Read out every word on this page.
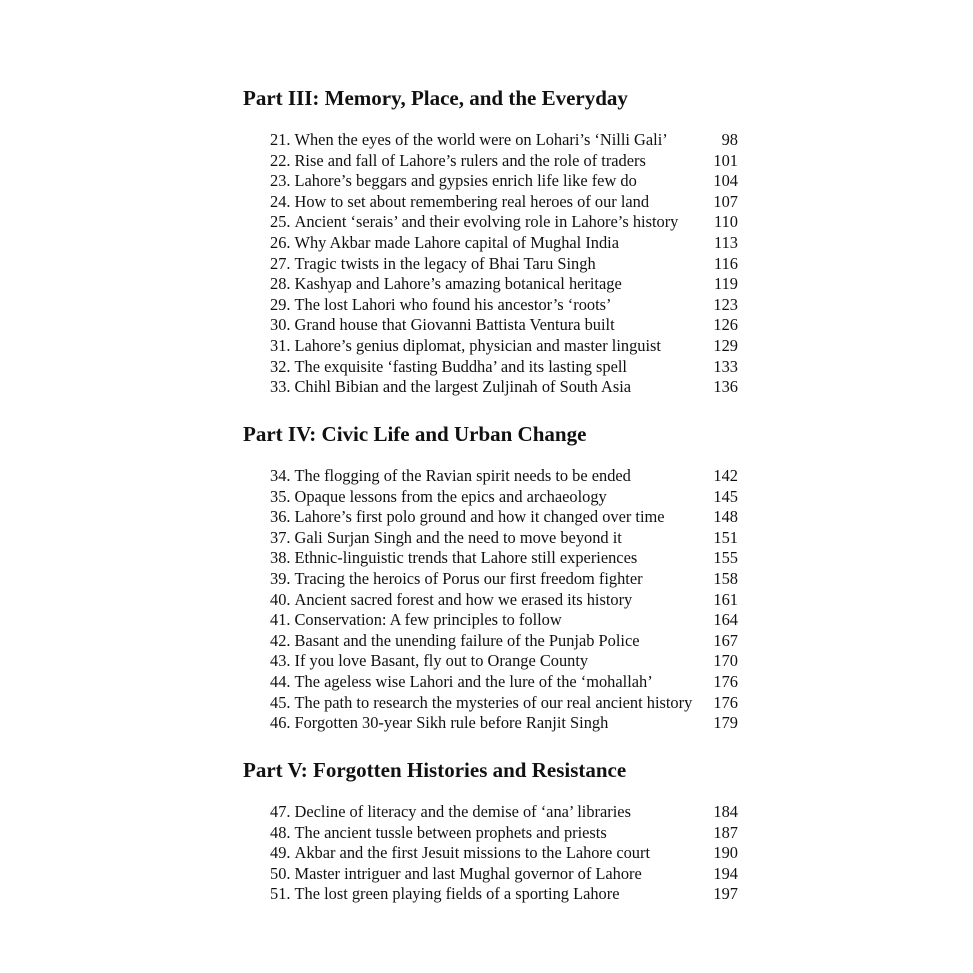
Part III: Memory, Place, and the Everyday
21. When the eyes of the world were on Lohari’s ‘Nilli Gali’	98
22. Rise and fall of Lahore’s rulers and the role of traders	101
23. Lahore’s beggars and gypsies enrich life like few do	104
24. How to set about remembering real heroes of our land	107
25. Ancient ‘serais’ and their evolving role in Lahore’s history 110
26. Why Akbar made Lahore capital of Mughal India	113
27. Tragic twists in the legacy of Bhai Taru Singh	116
28. Kashyap and Lahore’s amazing botanical heritage	119
29. The lost Lahori who found his ancestor’s ‘roots’	123
30. Grand house that Giovanni Battista Ventura built	126
31. Lahore’s genius diplomat, physician and master linguist	129
32. The exquisite ‘fasting Buddha’ and its lasting spell	133
33. Chihl Bibian and the largest Zuljinah of South Asia	136
Part IV: Civic Life and Urban Change
34. The flogging of the Ravian spirit needs to be ended	142
35. Opaque lessons from the epics and archaeology	145
36. Lahore’s first polo ground and how it changed over time	148
37. Gali Surjan Singh and the need to move beyond it	151
38. Ethnic-linguistic trends that Lahore still experiences	155
39. Tracing the heroics of Porus our first freedom fighter	158
40. Ancient sacred forest and how we erased its history	161
41. Conservation: A few principles to follow	164
42. Basant and the unending failure of the Punjab Police	167
43. If you love Basant, fly out to Orange County	170
44. The ageless wise Lahori and the lure of the ‘mohallah’	176
45. The path to research the mysteries of our real ancient history 176
46. Forgotten 30-year Sikh rule before Ranjit Singh	179
Part V: Forgotten Histories and Resistance
47. Decline of literacy and the demise of ‘ana’ libraries	184
48. The ancient tussle between prophets and priests	187
49. Akbar and the first Jesuit missions to the Lahore court	190
50. Master intriguer and last Mughal governor of Lahore	194
51. The lost green playing fields of a sporting Lahore	197
